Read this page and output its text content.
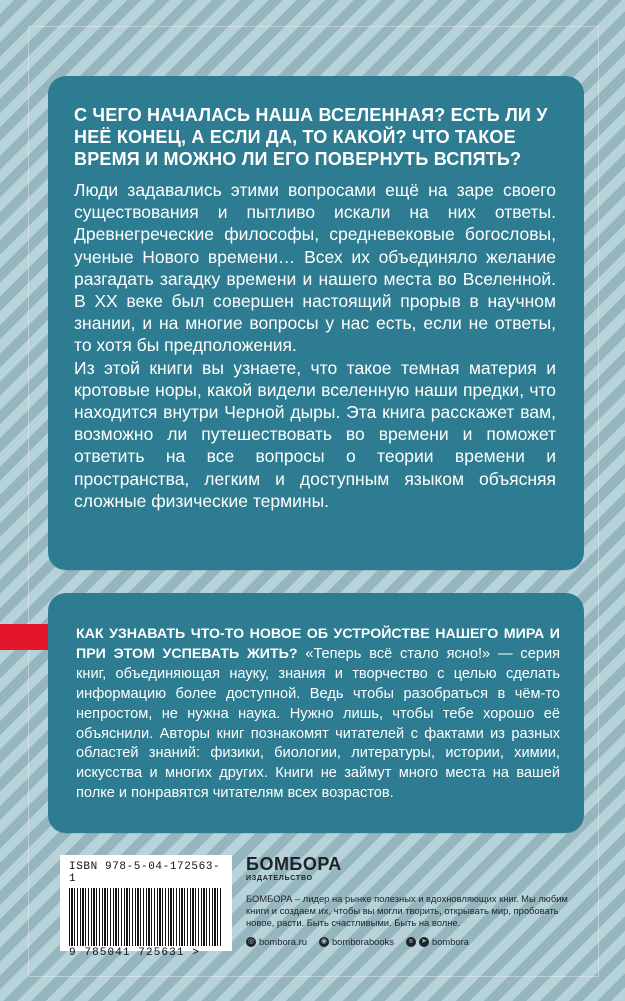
С ЧЕГО НАЧАЛАСЬ НАША ВСЕЛЕННАЯ? ЕСТЬ ЛИ У НЕЁ КОНЕЦ, А ЕСЛИ ДА, ТО КАКОЙ? ЧТО ТАКОЕ ВРЕМЯ И МОЖНО ЛИ ЕГО ПОВЕРНУТЬ ВСПЯТЬ?

Люди задавались этими вопросами ещё на заре своего существования и пытливо искали на них ответы. Древнегреческие философы, средневековые богословы, ученые Нового времени… Всех их объединяло желание разгадать загадку времени и нашего места во Вселенной. В XX веке был совершен настоящий прорыв в научном знании, и на многие вопросы у нас есть, если не ответы, то хотя бы предположения.

Из этой книги вы узнаете, что такое темная материя и кротовые норы, какой видели вселенную наши предки, что находится внутри Черной дыры. Эта книга расскажет вам, возможно ли путешествовать во времени и поможет ответить на все вопросы о теории времени и пространства, легким и доступным языком объясняя сложные физические термины.

КАК УЗНАВАТЬ ЧТО-ТО НОВОЕ ОБ УСТРОЙСТВЕ НАШЕГО МИРА И ПРИ ЭТОМ УСПЕВАТЬ ЖИТЬ? «Теперь всё стало ясно!» — серия книг, объединяющая науку, знания и творчество с целью сделать информацию более доступной. Ведь чтобы разобраться в чём-то непростом, не нужна наука. Нужно лишь, чтобы тебе хорошо её объяснили. Авторы книг познакомят читателей с фактами из разных областей знаний: физики, биологии, литературы, истории, химии, искусства и многих других. Книги не займут много места на вашей полке и понравятся читателям всех возрастов.

ISBN 978-5-04-172563-1
9 785041 725631 >
БОМБОРА
ИЗДАТЕЛЬСТВО
БОМБОРА – лидер на рынке полезных и вдохновляющих книг. Мы любим книги и создаем их, чтобы вы могли творить, открывать мир, пробовать новое, расти. Быть счастливыми. Быть на волне.
◎ bombora.ru ◉ bomborabooks	в	➤ bombora
